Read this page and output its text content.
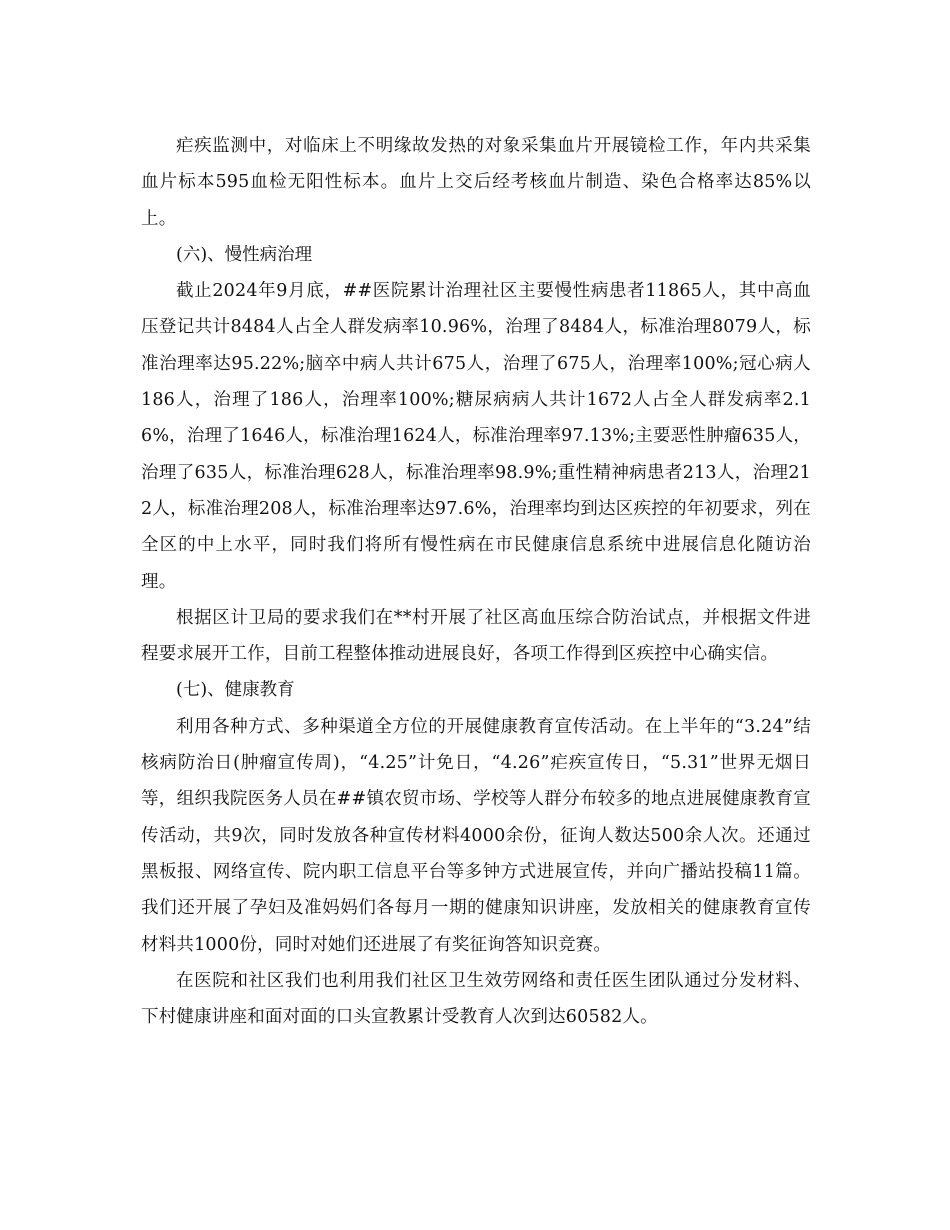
疟疾监测中，对临床上不明缘故发热的对象采集血片开展镜检工作，年内共采集血片标本595血检无阳性标本。血片上交后经考核血片制造、染色合格率达85%以上。

(六)、慢性病治理

截止2024年9月底，##医院累计治理社区主要慢性病患者11865人，其中高血压登记共计8484人占全人群发病率10.96%，治理了8484人，标准治理8079人，标准治理率达95.22%;脑卒中病人共计675人，治理了675人，治理率100%;冠心病人186人，治理了186人，治理率100%;糖尿病病人共计1672人占全人群发病率2.16%，治理了1646人，标准治理1624人，标准治理率97.13%;主要恶性肿瘤635人，治理了635人，标准治理628人，标准治理率98.9%;重性精神病患者213人，治理212人，标准治理208人，标准治理率达97.6%，治理率均到达区疾控的年初要求，列在全区的中上水平，同时我们将所有慢性病在市民健康信息系统中进展信息化随访治理。

根据区计卫局的要求我们在**村开展了社区高血压综合防治试点，并根据文件进程要求展开工作，目前工程整体推动进展良好，各项工作得到区疾控中心确实信。

(七)、健康教育

利用各种方式、多种渠道全方位的开展健康教育宣传活动。在上半年的“3.24”结核病防治日(肿瘤宣传周)，“4.25”计免日，“4.26”疟疾宣传日，“5.31”世界无烟日等，组织我院医务人员在##镇农贸市场、学校等人群分布较多的地点进展健康教育宣传活动，共9次，同时发放各种宣传材料4000余份，征询人数达500余人次。还通过黑板报、网络宣传、院内职工信息平台等多钟方式进展宣传，并向广播站投稿11篇。我们还开展了孕妇及准妈妈们各每月一期的健康知识讲座，发放相关的健康教育宣传材料共1000份，同时对她们还进展了有奖征询答知识竞赛。

在医院和社区我们也利用我们社区卫生效劳网络和责任医生团队通过分发材料、下村健康讲座和面对面的口头宣教累计受教育人次到达60582人。
